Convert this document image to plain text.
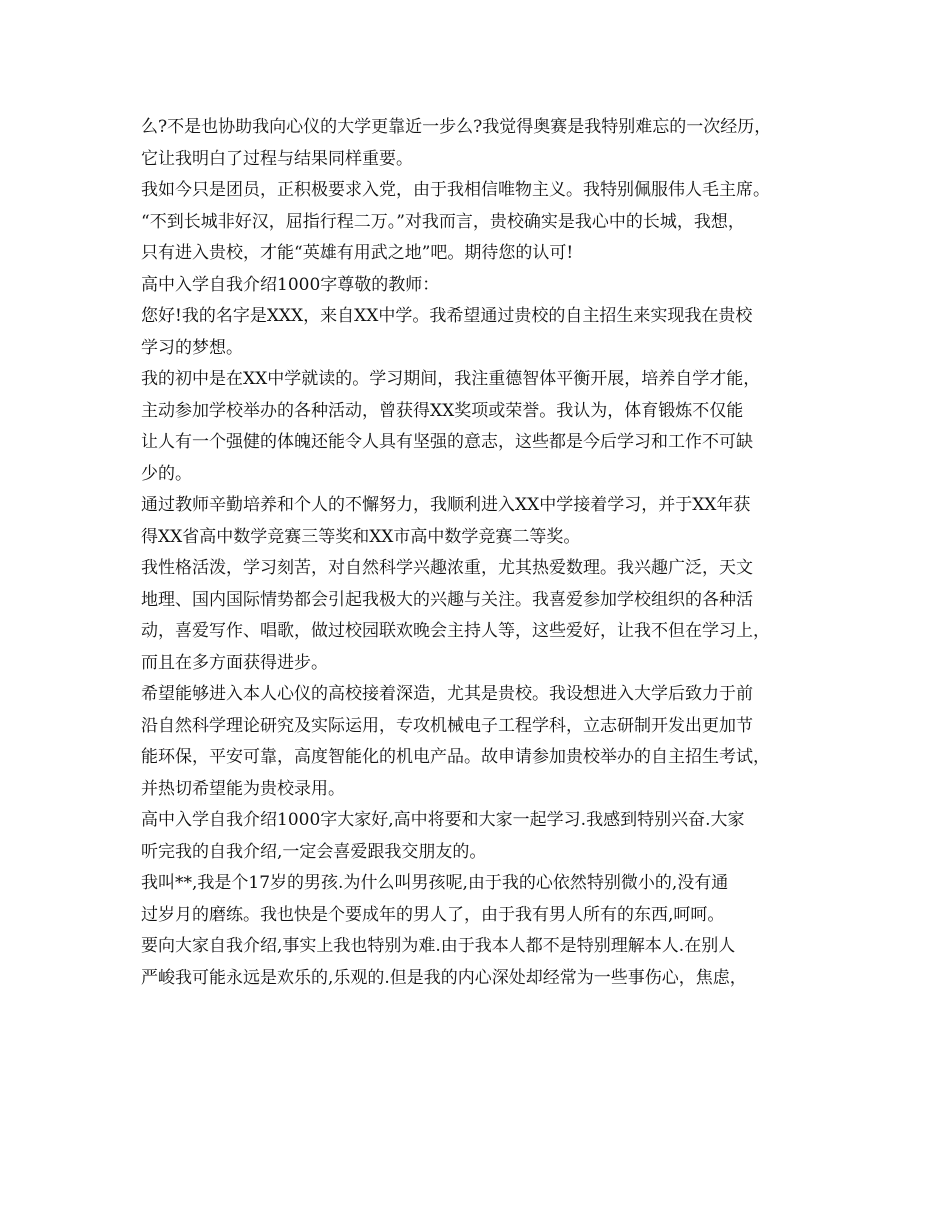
么?不是也协助我向心仪的大学更靠近一步么?我觉得奥赛是我特别难忘的一次经历，
它让我明白了过程与结果同样重要。
我如今只是团员，正积极要求入党，由于我相信唯物主义。我特别佩服伟人毛主席。
“不到长城非好汉，屈指行程二万。”对我而言，贵校确实是我心中的长城，我想，
只有进入贵校，才能“英雄有用武之地”吧。期待您的认可!
高中入学自我介绍1000字尊敬的教师：
您好!我的名字是XXX，来自XX中学。我希望通过贵校的自主招生来实现我在贵校
学习的梦想。
我的初中是在XX中学就读的。学习期间，我注重德智体平衡开展，培养自学才能，
主动参加学校举办的各种活动，曾获得XX奖项或荣誉。我认为，体育锻炼不仅能
让人有一个强健的体魄还能令人具有坚强的意志，这些都是今后学习和工作不可缺
少的。
通过教师辛勤培养和个人的不懈努力，我顺利进入XX中学接着学习，并于XX年获
得XX省高中数学竞赛三等奖和XX市高中数学竞赛二等奖。
我性格活泼，学习刻苦，对自然科学兴趣浓重，尤其热爱数理。我兴趣广泛，天文
地理、国内国际情势都会引起我极大的兴趣与关注。我喜爱参加学校组织的各种活
动，喜爱写作、唱歌，做过校园联欢晚会主持人等，这些爱好，让我不但在学习上，
而且在多方面获得进步。
希望能够进入本人心仪的高校接着深造，尤其是贵校。我设想进入大学后致力于前
沿自然科学理论研究及实际运用，专攻机械电子工程学科，立志研制开发出更加节
能环保，平安可靠，高度智能化的机电产品。故申请参加贵校举办的自主招生考试，
并热切希望能为贵校录用。
高中入学自我介绍1000字大家好,高中将要和大家一起学习.我感到特别兴奋.大家
听完我的自我介绍,一定会喜爱跟我交朋友的。
我叫**,我是个17岁的男孩.为什么叫男孩呢,由于我的心依然特别微小的,没有通
过岁月的磨练。我也快是个要成年的男人了，由于我有男人所有的东西,呵呵。
要向大家自我介绍,事实上我也特别为难.由于我本人都不是特别理解本人.在别人
严峻我可能永远是欢乐的,乐观的.但是我的内心深处却经常为一些事伤心，焦虑，
